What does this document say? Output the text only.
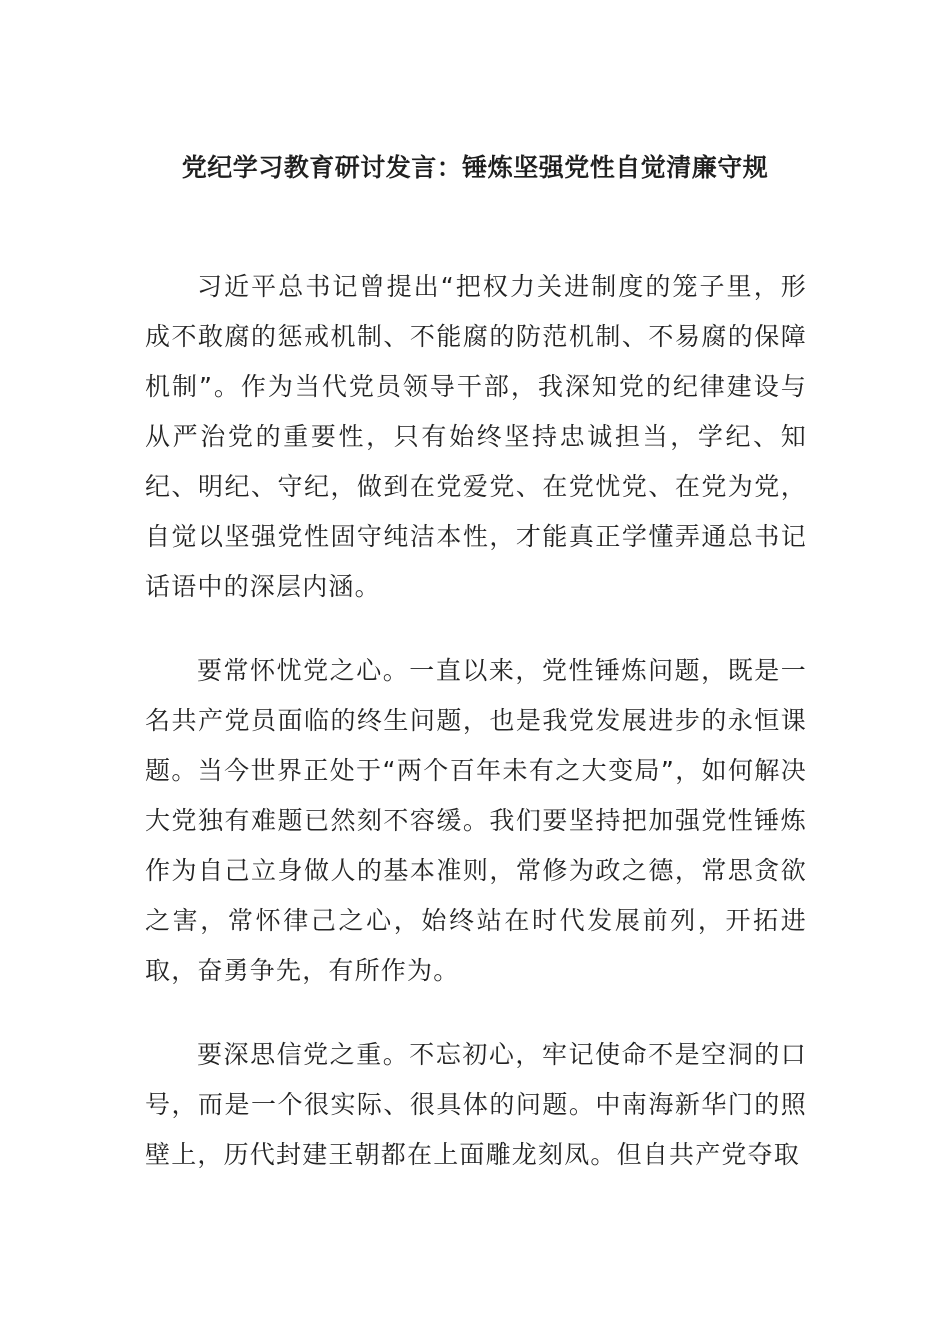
党纪学习教育研讨发言：锤炼坚强党性自觉清廉守规

习近平总书记曾提出“把权力关进制度的笼子里，形成不敢腐的惩戒机制、不能腐的防范机制、不易腐的保障机制”。作为当代党员领导干部，我深知党的纪律建设与从严治党的重要性，只有始终坚持忠诚担当，学纪、知纪、明纪、守纪，做到在党爱党、在党忧党、在党为党，自觉以坚强党性固守纯洁本性，才能真正学懂弄通总书记话语中的深层内涵。

要常怀忧党之心。一直以来，党性锤炼问题，既是一名共产党员面临的终生问题，也是我党发展进步的永恒课题。当今世界正处于“两个百年未有之大变局”，如何解决大党独有难题已然刻不容缓。我们要坚持把加强党性锤炼作为自己立身做人的基本准则，常修为政之德，常思贪欲之害，常怀律己之心，始终站在时代发展前列，开拓进取，奋勇争先，有所作为。

要深思信党之重。不忘初心，牢记使命不是空洞的口号，而是一个很实际、很具体的问题。中南海新华门的照壁上，历代封建王朝都在上面雕龙刻凤。但自共产党夺取
